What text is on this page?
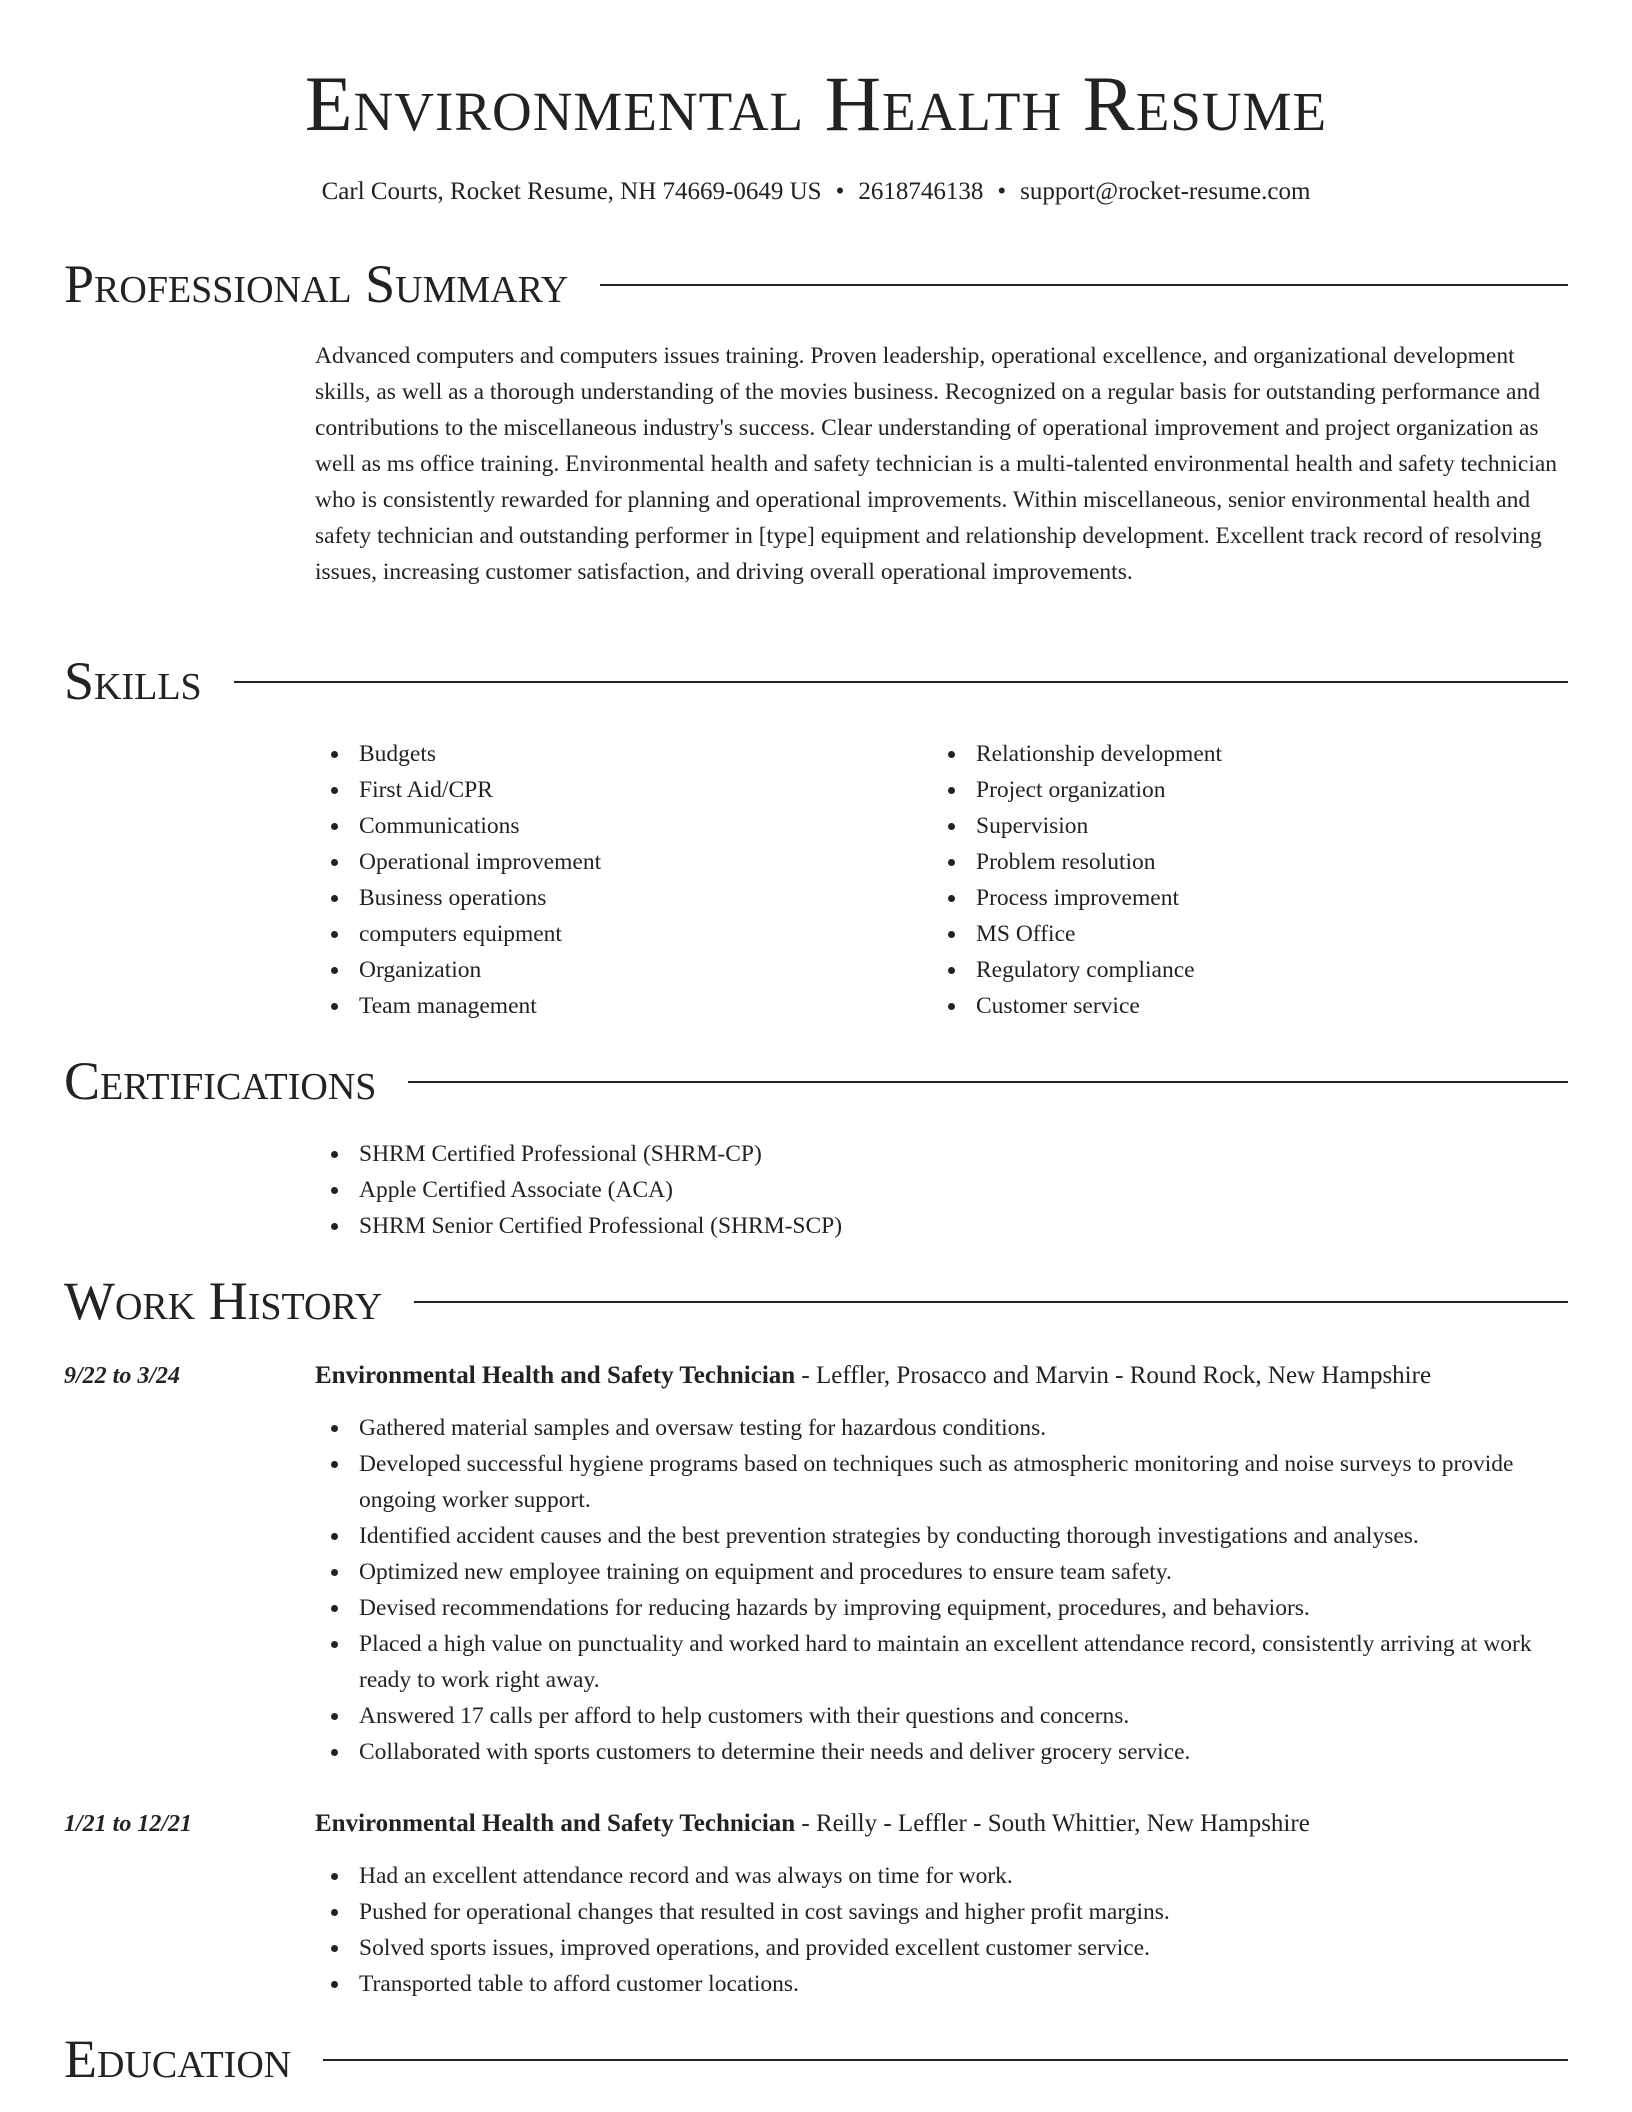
Environmental Health Resume
Carl Courts, Rocket Resume, NH 74669-0649 US • 2618746138 • support@rocket-resume.com
Professional Summary

Advanced computers and computers issues training. Proven leadership, operational excellence, and organizational development skills, as well as a thorough understanding of the movies business. Recognized on a regular basis for outstanding performance and contributions to the miscellaneous industry's success. Clear understanding of operational improvement and project organization as well as ms office training. Environmental health and safety technician is a multi-talented environmental health and safety technician who is consistently rewarded for planning and operational improvements. Within miscellaneous, senior environmental health and safety technician and outstanding performer in [type] equipment and relationship development. Excellent track record of resolving issues, increasing customer satisfaction, and driving overall operational improvements.

Skills
Budgets
First Aid/CPR
Communications
Operational improvement
Business operations
computers equipment
Organization
Team management
Relationship development
Project organization
Supervision
Problem resolution
Process improvement
MS Office
Regulatory compliance
Customer service
Certifications
SHRM Certified Professional (SHRM-CP)
Apple Certified Associate (ACA)
SHRM Senior Certified Professional (SHRM-SCP)
Work History
9/22 to 3/24	Environmental Health and Safety Technician - Leffler, Prosacco and Marvin - Round Rock, New Hampshire
Gathered material samples and oversaw testing for hazardous conditions.
Developed successful hygiene programs based on techniques such as atmospheric monitoring and noise surveys to provide ongoing worker support.
Identified accident causes and the best prevention strategies by conducting thorough investigations and analyses.
Optimized new employee training on equipment and procedures to ensure team safety.
Devised recommendations for reducing hazards by improving equipment, procedures, and behaviors.
Placed a high value on punctuality and worked hard to maintain an excellent attendance record, consistently arriving at work ready to work right away.
Answered 17 calls per afford to help customers with their questions and concerns.
Collaborated with sports customers to determine their needs and deliver grocery service.
1/21 to 12/21	Environmental Health and Safety Technician - Reilly - Leffler - South Whittier, New Hampshire
Had an excellent attendance record and was always on time for work.
Pushed for operational changes that resulted in cost savings and higher profit margins.
Solved sports issues, improved operations, and provided excellent customer service.
Transported table to afford customer locations.
Education
